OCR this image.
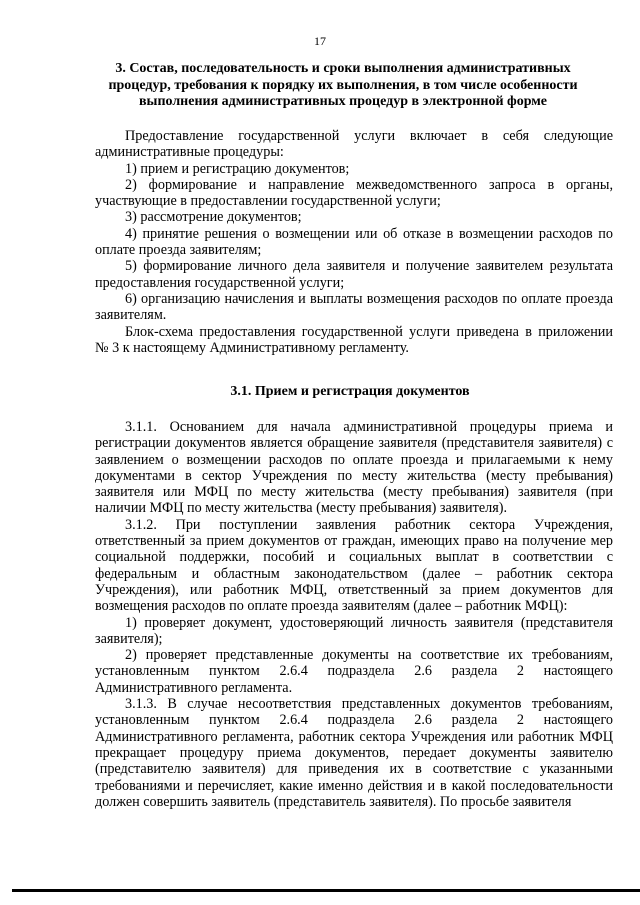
17
3. Состав, последовательность и сроки выполнения административных
процедур, требования к порядку их выполнения, в том числе особенности
выполнения административных процедур в электронной форме

Предоставление государственной услуги включает в себя следующие административные процедуры:

1) прием и регистрацию документов;

2) формирование и направление межведомственного запроса в органы, участвующие в предоставлении государственной услуги;

3) рассмотрение документов;

4) принятие решения о возмещении или об отказе в возмещении расходов по оплате проезда заявителям;

5) формирование личного дела заявителя и получение заявителем результата предоставления государственной услуги;

6) организацию начисления и выплаты возмещения расходов по оплате проезда заявителям.

Блок-схема предоставления государственной услуги приведена в приложении № 3 к настоящему Административному регламенту.

3.1. Прием и регистрация документов

3.1.1. Основанием для начала административной процедуры приема и регистрации документов является обращение заявителя (представителя заявителя) с заявлением о возмещении расходов по оплате проезда и прилагаемыми к нему документами в сектор Учреждения по месту жительства (месту пребывания) заявителя или МФЦ по месту жительства (месту пребывания) заявителя (при наличии МФЦ по месту жительства (месту пребывания) заявителя).

3.1.2. При поступлении заявления работник сектора Учреждения, ответственный за прием документов от граждан, имеющих право на получение мер социальной поддержки, пособий и социальных выплат в соответствии с федеральным и областным законодательством (далее – работник сектора Учреждения), или работник МФЦ, ответственный за прием документов для возмещения расходов по оплате проезда заявителям (далее – работник МФЦ):

1) проверяет документ, удостоверяющий личность заявителя (представителя заявителя);

2) проверяет представленные документы на соответствие их требованиям, установленным пунктом 2.6.4 подраздела 2.6 раздела 2 настоящего Административного регламента.

3.1.3. В случае несоответствия представленных документов требованиям, установленным пунктом 2.6.4 подраздела 2.6 раздела 2 настоящего Административного регламента, работник сектора Учреждения или работник МФЦ прекращает процедуру приема документов, передает документы заявителю (представителю заявителя) для приведения их в соответствие с указанными требованиями и перечисляет, какие именно действия и в какой последовательности должен совершить заявитель (представитель заявителя). По просьбе заявителя
